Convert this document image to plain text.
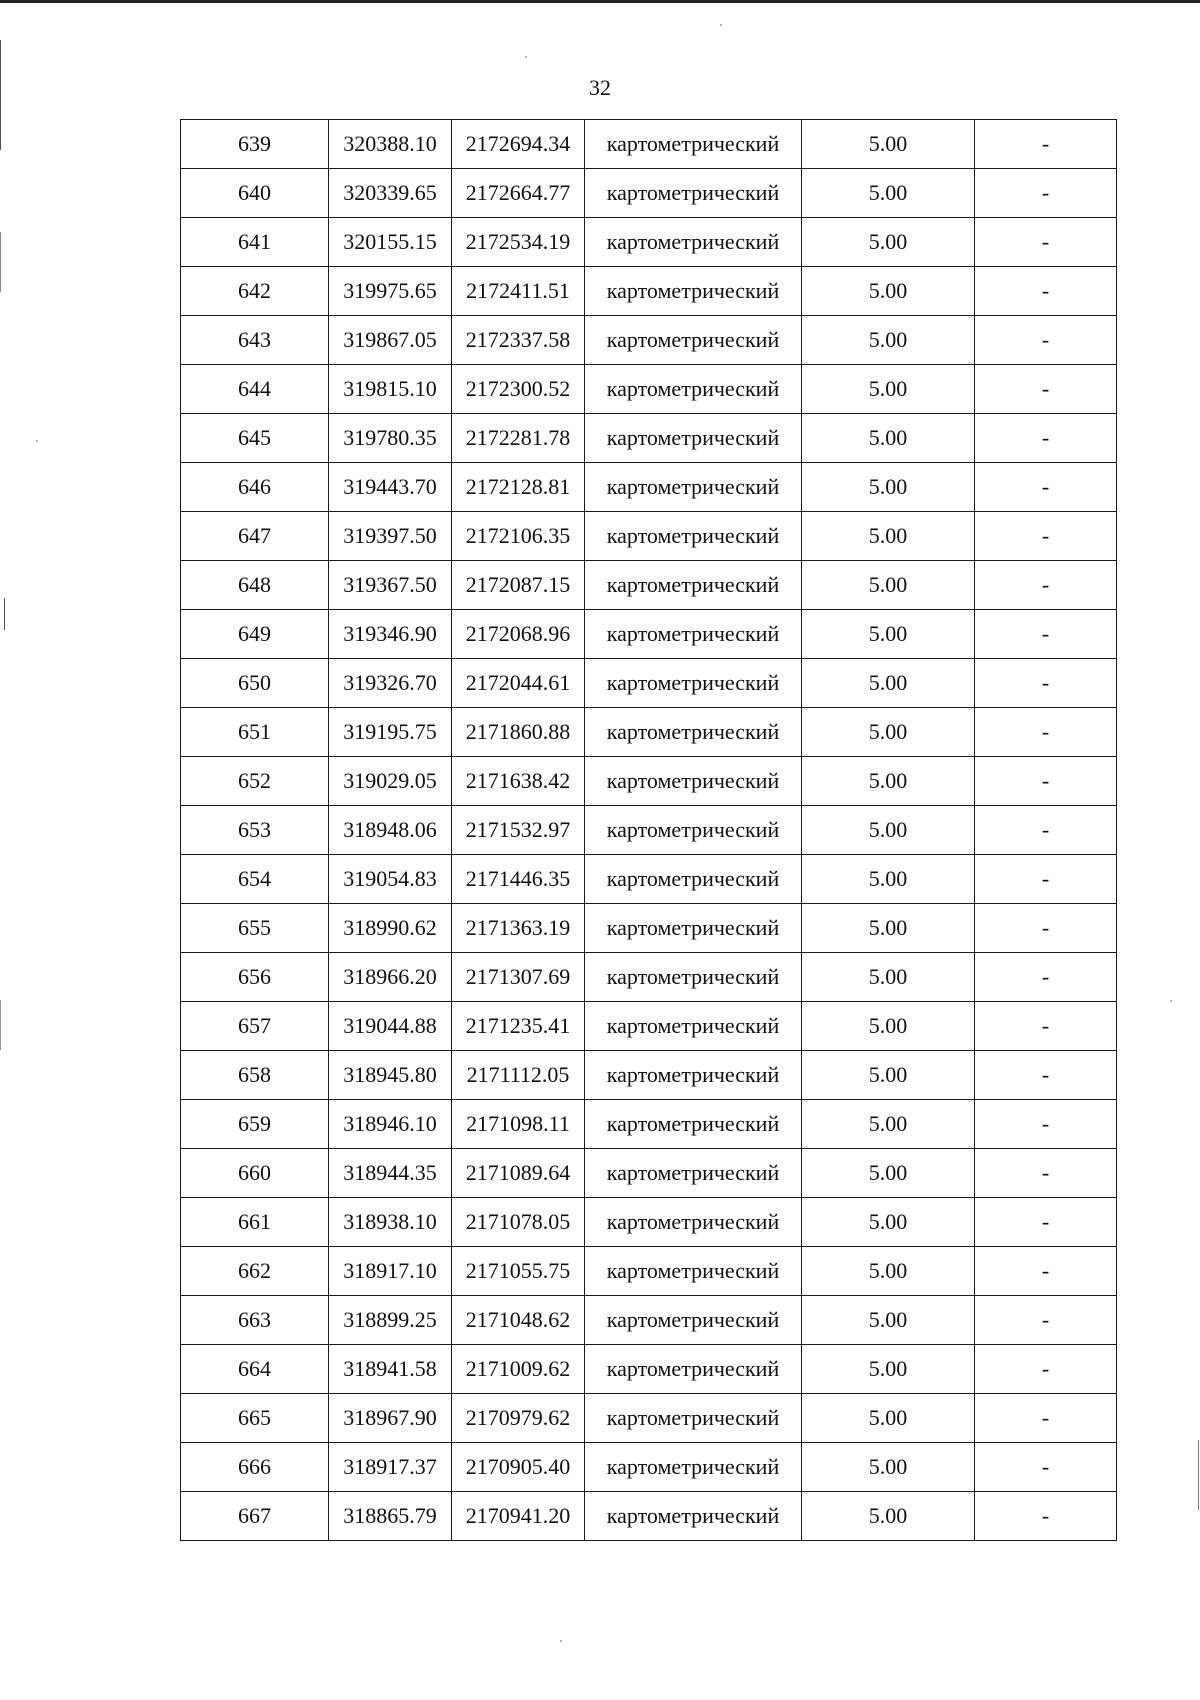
32
639	320388.10	2172694.34	картометрический	5.00	-
640	320339.65	2172664.77	картометрический	5.00	-
641	320155.15	2172534.19	картометрический	5.00	-
642	319975.65	2172411.51	картометрический	5.00	-
643	319867.05	2172337.58	картометрический	5.00	-
644	319815.10	2172300.52	картометрический	5.00	-
645	319780.35	2172281.78	картометрический	5.00	-
646	319443.70	2172128.81	картометрический	5.00	-
647	319397.50	2172106.35	картометрический	5.00	-
648	319367.50	2172087.15	картометрический	5.00	-
649	319346.90	2172068.96	картометрический	5.00	-
650	319326.70	2172044.61	картометрический	5.00	-
651	319195.75	2171860.88	картометрический	5.00	-
652	319029.05	2171638.42	картометрический	5.00	-
653	318948.06	2171532.97	картометрический	5.00	-
654	319054.83	2171446.35	картометрический	5.00	-
655	318990.62	2171363.19	картометрический	5.00	-
656	318966.20	2171307.69	картометрический	5.00	-
657	319044.88	2171235.41	картометрический	5.00	-
658	318945.80	2171112.05	картометрический	5.00	-
659	318946.10	2171098.11	картометрический	5.00	-
660	318944.35	2171089.64	картометрический	5.00	-
661	318938.10	2171078.05	картометрический	5.00	-
662	318917.10	2171055.75	картометрический	5.00	-
663	318899.25	2171048.62	картометрический	5.00	-
664	318941.58	2171009.62	картометрический	5.00	-
665	318967.90	2170979.62	картометрический	5.00	-
666	318917.37	2170905.40	картометрический	5.00	-
667	318865.79	2170941.20	картометрический	5.00	-
